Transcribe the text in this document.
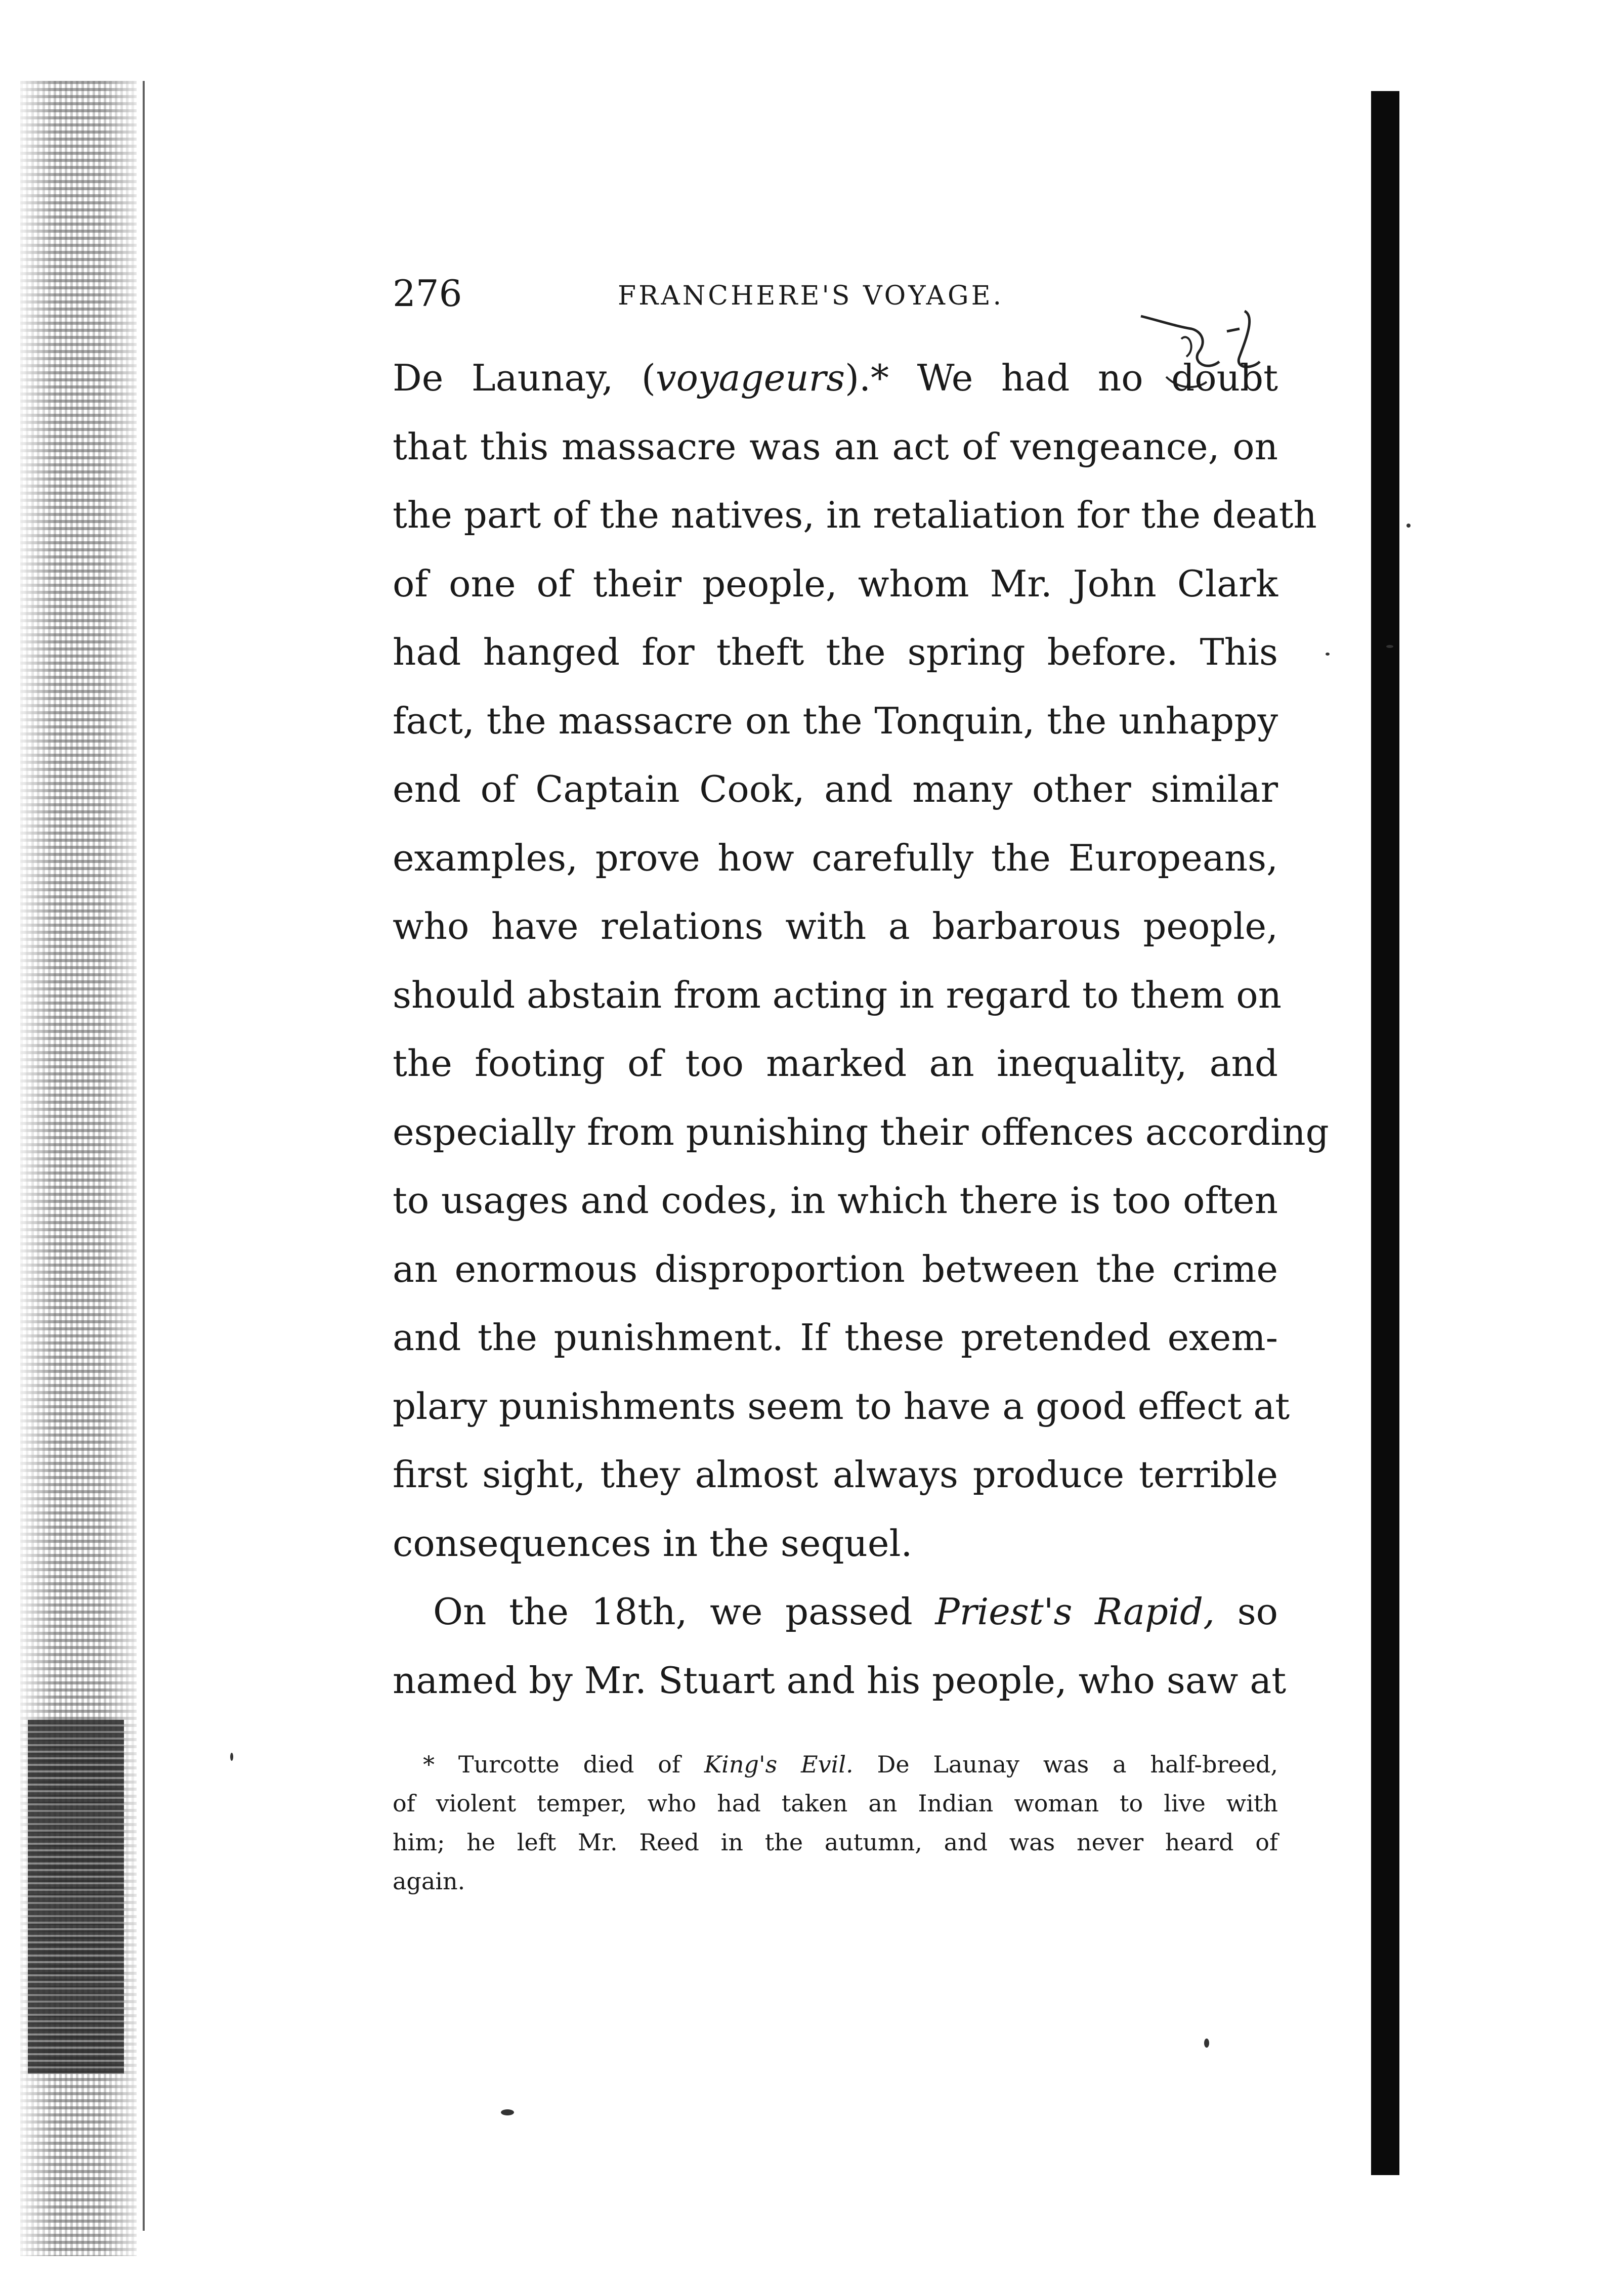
276	FRANCHERE'S VOYAGE.
De Launay, (voyageurs).* We had no doubt
that this massacre was an act of vengeance, on
the part of the natives, in retaliation for the death
of one of their people, whom Mr. John Clark
had hanged for theft the spring before. This
fact, the massacre on the Tonquin, the unhappy
end of Captain Cook, and many other similar
examples, prove how carefully the Europeans,
who have relations with a barbarous people,
should abstain from acting in regard to them on
the footing of too marked an inequality, and
especially from punishing their offences according
to usages and codes, in which there is too often
an enormous disproportion between the crime
and the punishment. If these pretended exem-
plary punishments seem to have a good effect at
first sight, they almost always produce terrible
consequences in the sequel.
On the 18th, we passed Priest's Rapid, so
named by Mr. Stuart and his people, who saw at
* Turcotte died of King's Evil. De Launay was a half-breed,
of violent temper, who had taken an Indian woman to live with
him; he left Mr. Reed in the autumn, and was never heard of
again.
